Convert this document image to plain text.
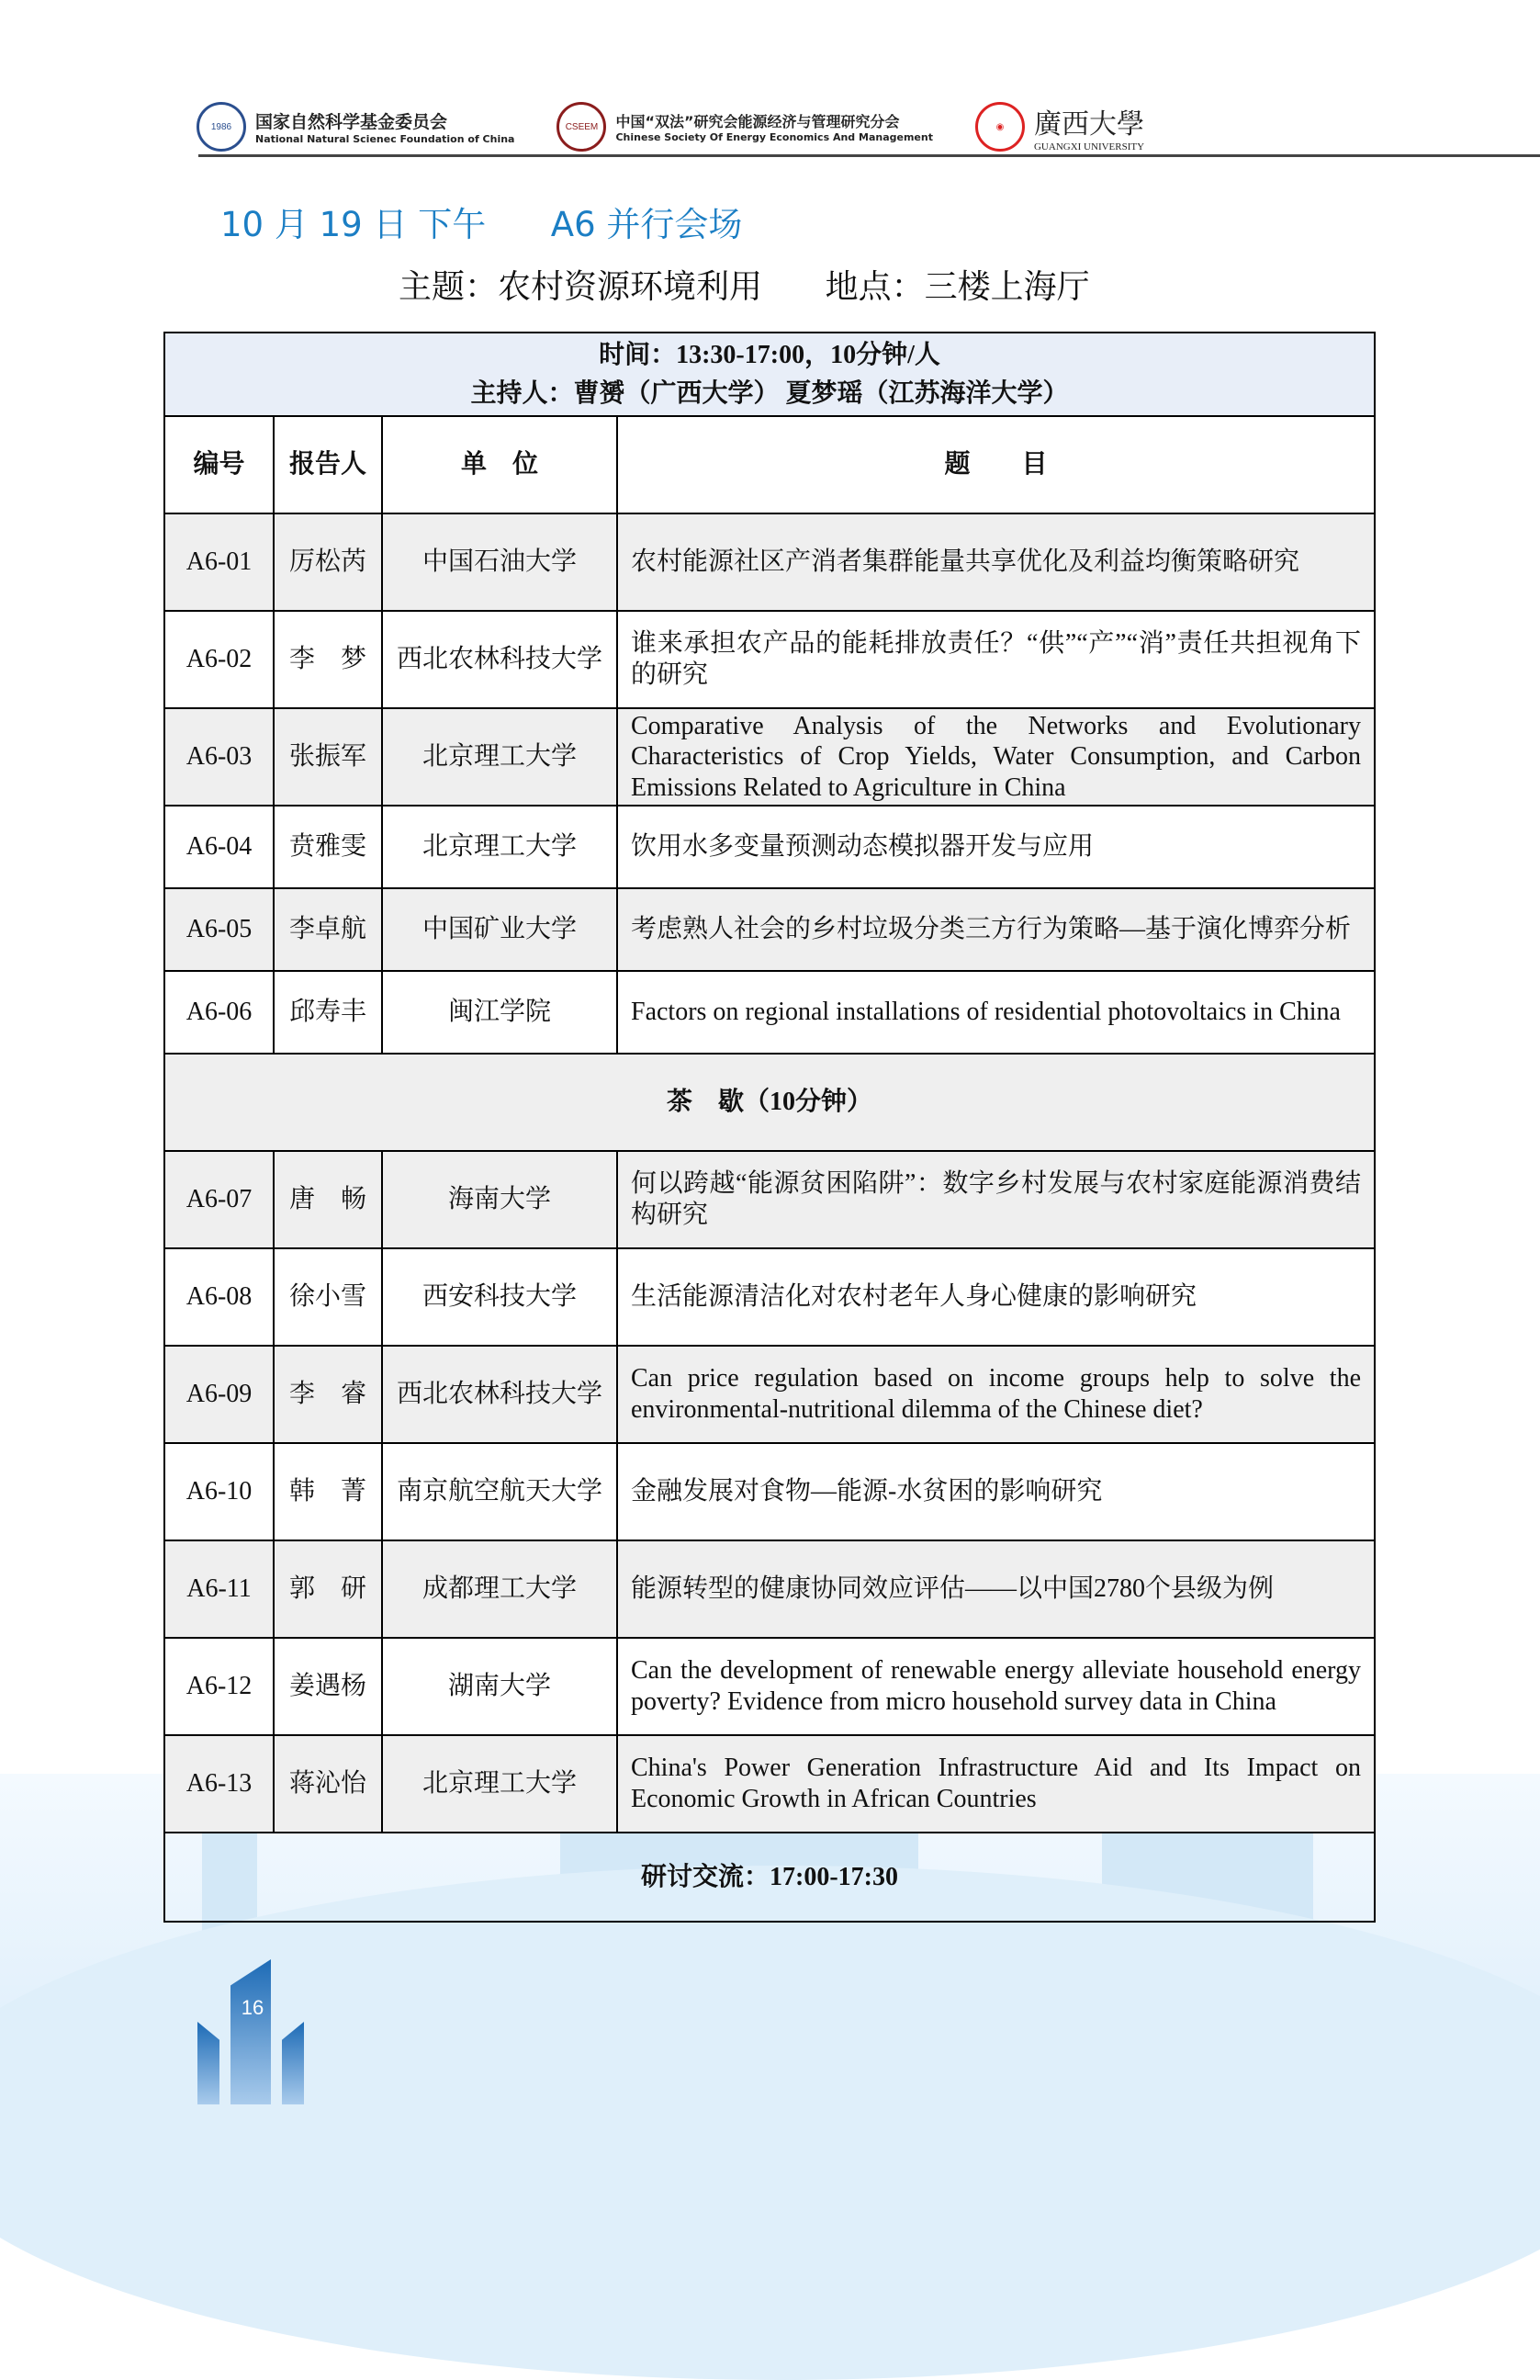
1986	国家自然科学基金委员会
National Natural Scienec Foundation of China
CSEEM	中国“双法”研究会能源经济与管理研究分会
Chinese Society Of Energy Economics And Management
◉	廣西大學
GUANGXI UNIVERSITY
10 月 19 日 下午      A6 并行会场
主题：农村资源环境利用      地点：三楼上海厅
时间：13:30-17:00，10分钟/人
主持人：曹赟（广西大学） 夏梦瑶（江苏海洋大学）			

编号	报告人	单　位	题　　目
A6-01	厉松芮	中国石油大学	农村能源社区产消者集群能量共享优化及利益均衡策略研究
A6-02	李　梦	西北农林科技大学	谁来承担农产品的能耗排放责任？“供”“产”“消”责任共担视角下的研究
A6-03	张振军	北京理工大学	Comparative Analysis of the Networks and Evolutionary Characteristics of Crop Yields, Water Consumption, and Carbon Emissions Related to Agriculture in China
A6-04	贲雅雯	北京理工大学	饮用水多变量预测动态模拟器开发与应用
A6-05	李卓航	中国矿业大学	考虑熟人社会的乡村垃圾分类三方行为策略—基于演化博弈分析
A6-06	邱寿丰	闽江学院	Factors on regional installations of residential photovoltaics in China
茶　歇（10分钟）			
A6-07	唐　畅	海南大学	何以跨越“能源贫困陷阱”：数字乡村发展与农村家庭能源消费结构研究
A6-08	徐小雪	西安科技大学	生活能源清洁化对农村老年人身心健康的影响研究
A6-09	李　睿	西北农林科技大学	Can price regulation based on income groups help to solve the environmental-nutritional dilemma of the Chinese diet?
A6-10	韩　菁	南京航空航天大学	金融发展对食物—能源-水贫困的影响研究
A6-11	郭　研	成都理工大学	能源转型的健康协同效应评估——以中国2780个县级为例
A6-12	姜遇杨	湖南大学	Can the development of renewable energy alleviate household energy poverty? Evidence from micro household survey data in China
A6-13	蒋沁怡	北京理工大学	China's Power Generation Infrastructure Aid and Its Impact on Economic Growth in African Countries
研讨交流：17:00-17:30			
16
